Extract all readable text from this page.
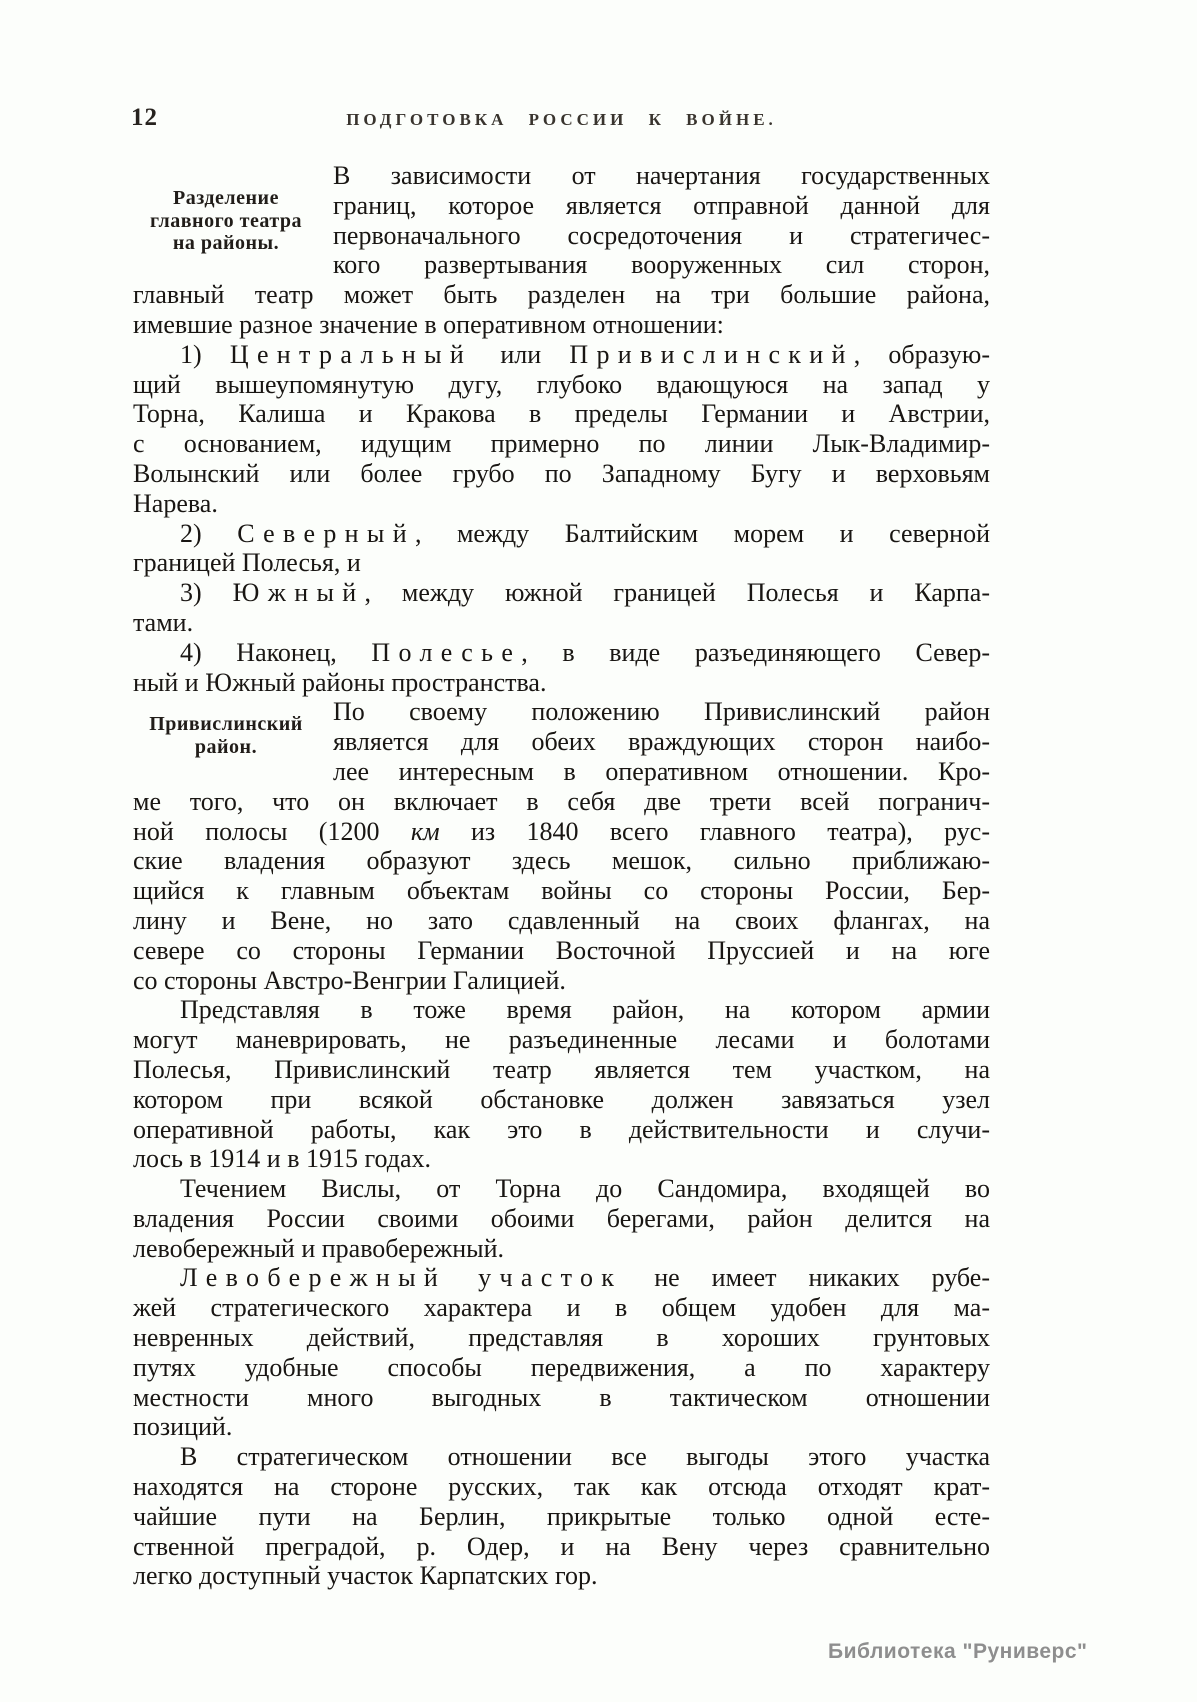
12	ПОДГОТОВКА РОССИИ К ВОЙНЕ.
Разделение
главного театра
на районы.
В зависимости от начертания государственных
границ, которое является отправной данной для
первоначального сосредоточения и стратегичес-
кого развертывания вооруженных сил сторон,
главный театр может быть разделен на три большие района,
имевшие разное значение в оперативном отношении:
1) Центральный или Привислинский, образую-
щий вышеупомянутую дугу, глубоко вдающуюся на запад у
Торна, Калиша и Кракова в пределы Германии и Австрии,
с основанием, идущим примерно по линии Лык-Владимир-
Волынский или более грубо по Западному Бугу и верховьям
Нарева.
2) Северный, между Балтийским морем и северной
границей Полесья, и
3) Южный, между южной границей Полесья и Карпа-
тами.
4) Наконец, Полесье, в виде разъединяющего Север-
ный и Южный районы пространства.
Привислинский
район.
По своему положению Привислинский район
является для обеих враждующих сторон наибо-
лее интересным в оперативном отношении. Кро-
ме того, что он включает в себя две трети всей погранич-
ной полосы (1200 км из 1840 всего главного театра), рус-
ские владения образуют здесь мешок, сильно приближаю-
щийся к главным объектам войны со стороны России, Бер-
лину и Вене, но зато сдавленный на своих флангах, на
севере со стороны Германии Восточной Пруссией и на юге
со стороны Австро-Венгрии Галицией.
Представляя в тоже время район, на котором армии
могут маневрировать, не разъединенные лесами и болотами
Полесья, Привислинский театр является тем участком, на
котором при всякой обстановке должен завязаться узел
оперативной работы, как это в действительности и случи-
лось в 1914 и в 1915 годах.
Течением Вислы, от Торна до Сандомира, входящей во
владения России своими обоими берегами, район делится на
левобережный и правобережный.
Левобережный участок не имеет никаких рубе-
жей стратегического характера и в общем удобен для ма-
невренных действий, представляя в хороших грунтовых
путях удобные способы передвижения, а по характеру
местности много выгодных в тактическом отношении
позиций.
В стратегическом отношении все выгоды этого участка
находятся на стороне русских, так как отсюда отходят крат-
чайшие пути на Берлин, прикрытые только одной есте-
ственной преградой, р. Одер, и на Вену через сравнительно
легко доступный участок Карпатских гор.
Библиотека "Руниверс"
